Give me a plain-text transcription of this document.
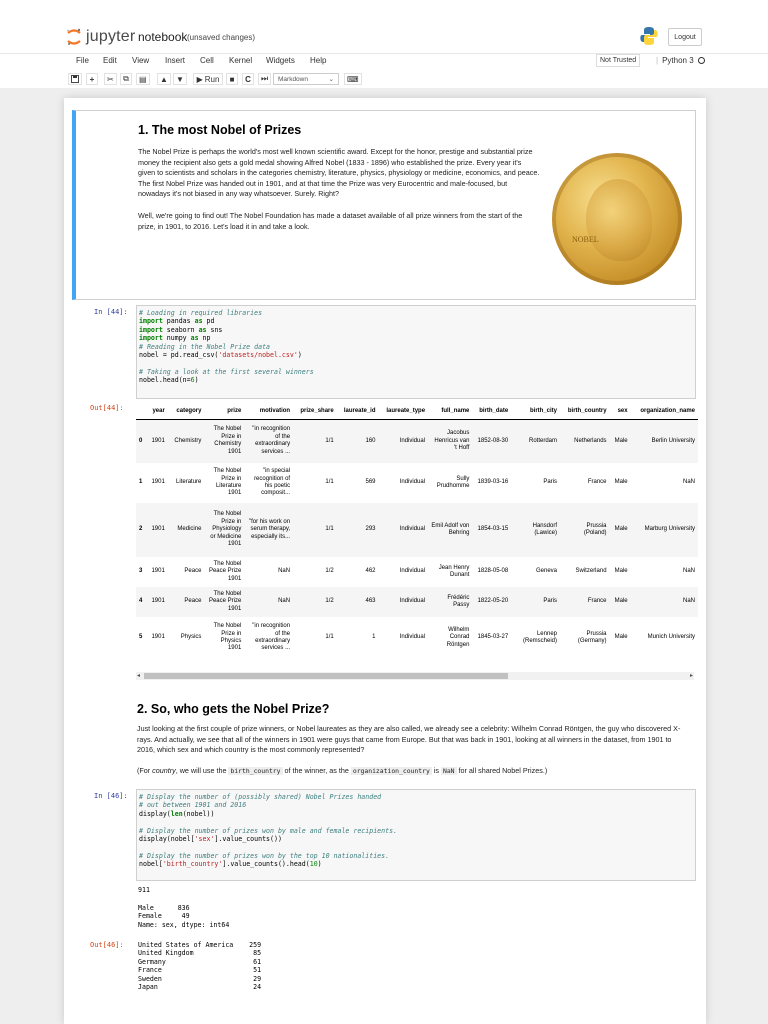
jupyter notebook (unsaved changes)	Logout
File Edit View Insert Cell Kernel Widgets Help	Not Trusted	| Python 3
+ ✂ ⧉ ▤ ▲ ▼ ▶ Run ■ C ⏭ Markdown	⌄ ⌨
1. The most Nobel of Prizes
The Nobel Prize is perhaps the world's most well known scientific award. Except for the honor, prestige and substantial prize money the recipient also gets a gold medal showing Alfred Nobel (1833 - 1896) who established the prize. Every year it's given to scientists and scholars in the categories chemistry, literature, physics, physiology or medicine, economics, and peace. The first Nobel Prize was handed out in 1901, and at that time the Prize was very Eurocentric and male-focused, but nowadays it's not biased in any way whatsoever. Surely. Right?
Well, we're going to find out! The Nobel Foundation has made a dataset available of all prize winners from the start of the prize, in 1901, to 2016. Let's load it in and take a look.
NOBEL
In [44]:	# Loading in required libraries
import pandas as pd
import seaborn as sns
import numpy as np
# Reading in the Nobel Prize data
nobel = pd.read_csv('datasets/nobel.csv')

# Taking a look at the first several winners
nobel.head(n=6)
Out[44]:
		year	category	prize	motivation	prize_share	laureate_id	laureate_type	full_name	birth_date	birth_city	birth_country	sex	organization_name
0	1901	Chemistry	The Nobel Prize in Chemistry 1901	"in recognition of the extraordinary services ...	1/1	160	Individual	Jacobus Henricus van 't Hoff	1852-08-30	Rotterdam	Netherlands	Male	Berlin University
1	1901	Literature	The Nobel Prize in Literature 1901	"in special recognition of his poetic composit...	1/1	569	Individual	Sully Prudhomme	1839-03-16	Paris	France	Male	NaN
2	1901	Medicine	The Nobel Prize in Physiology or Medicine 1901	"for his work on serum therapy, especially its...	1/1	293	Individual	Emil Adolf von Behring	1854-03-15	Hansdorf (Lawice)	Prussia (Poland)	Male	Marburg University
3	1901	Peace	The Nobel Peace Prize 1901	NaN	1/2	462	Individual	Jean Henry Dunant	1828-05-08	Geneva	Switzerland	Male	NaN
4	1901	Peace	The Nobel Peace Prize 1901	NaN	1/2	463	Individual	Frédéric Passy	1822-05-20	Paris	France	Male	NaN
5	1901	Physics	The Nobel Prize in Physics 1901	"in recognition of the extraordinary services ...	1/1	1	Individual	Wilhelm Conrad Röntgen	1845-03-27	Lennep (Remscheid)	Prussia (Germany)	Male	Munich University
◂	▸
2. So, who gets the Nobel Prize?
Just looking at the first couple of prize winners, or Nobel laureates as they are also called, we already see a celebrity: Wilhelm Conrad Röntgen, the guy who discovered X-rays. And actually, we see that all of the winners in 1901 were guys that came from Europe. But that was back in 1901, looking at all winners in the dataset, from 1901 to 2016, which sex and which country is the most commonly represented?
(For country, we will use the birth_country of the winner, as the organization_country is NaN for all shared Nobel Prizes.)
In [46]:	# Display the number of (possibly shared) Nobel Prizes handed
# out between 1901 and 2016
display(len(nobel))

# Display the number of prizes won by male and female recipients.
display(nobel['sex'].value_counts())

# Display the number of prizes won by the top 10 nationalities.
nobel['birth_country'].value_counts().head(10)
911
Male      836
Female     49
Name: sex, dtype: int64
Out[46]: United States of America    259
United Kingdom               85
Germany                      61
France                       51
Sweden                       29
Japan                        24
